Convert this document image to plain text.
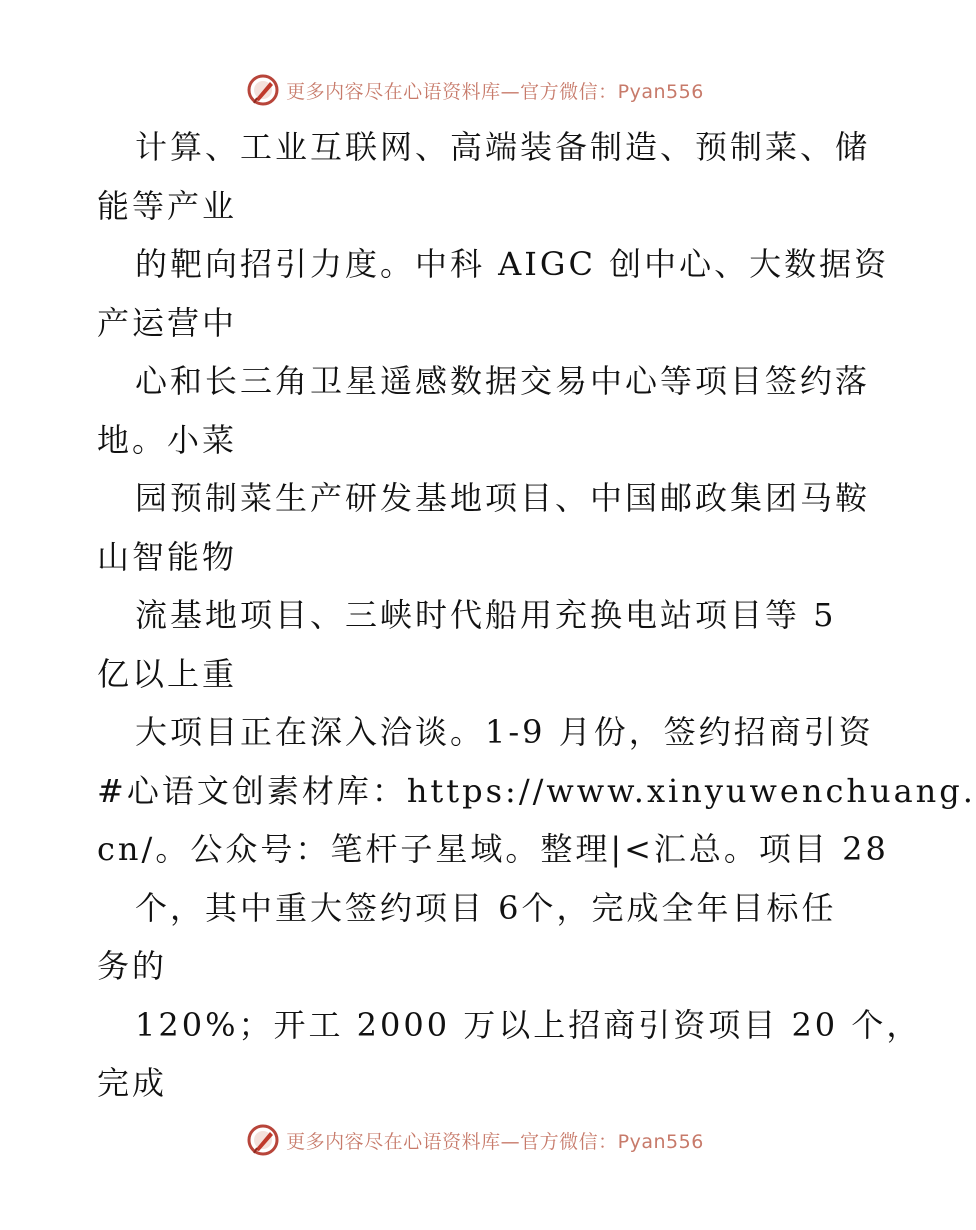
更多内容尽在心语资料库—官方微信：Pyan556
计算、工业互联网、高端装备制造、预制菜、储
能等产业
的靶向招引力度。中科 AIGC 创中心、大数据资
产运营中
心和长三角卫星遥感数据交易中心等项目签约落
地。小菜
园预制菜生产研发基地项目、中国邮政集团马鞍
山智能物
流基地项目、三峡时代船用充换电站项目等 5
亿以上重
大项目正在深入洽谈。1-9 月份，签约招商引资
#心语文创素材库：https://www.xinyuwenchuang.
cn/。公众号：笔杆子星域。整理|<汇总。项目 28
个，其中重大签约项目 6个，完成全年目标任
务的
120%；开工 2000 万以上招商引资项目 20 个，
完成
更多内容尽在心语资料库—官方微信：Pyan556
